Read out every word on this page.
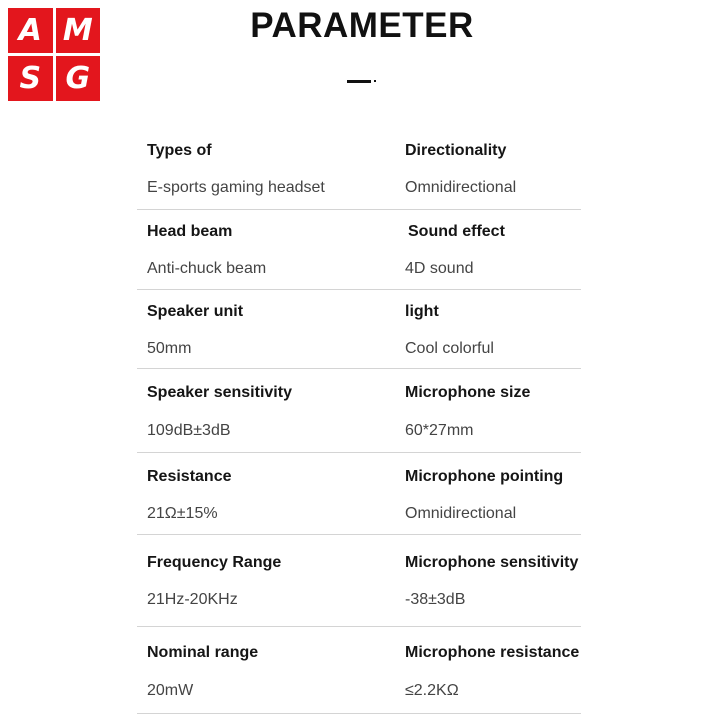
A M
S G
PARAMETER
Types of
E-sports gaming headset
Directionality
Omnidirectional
Head beam
Anti-chuck beam
Sound effect
4D sound
Speaker unit
50mm
light
Cool colorful
Speaker sensitivity
109dB±3dB
Microphone size
60*27mm
Resistance
21Ω±15%
Microphone pointing
Omnidirectional
Frequency Range
21Hz-20KHz
Microphone sensitivity
-38±3dB
Nominal range
20mW
Microphone resistance
≤2.2KΩ
